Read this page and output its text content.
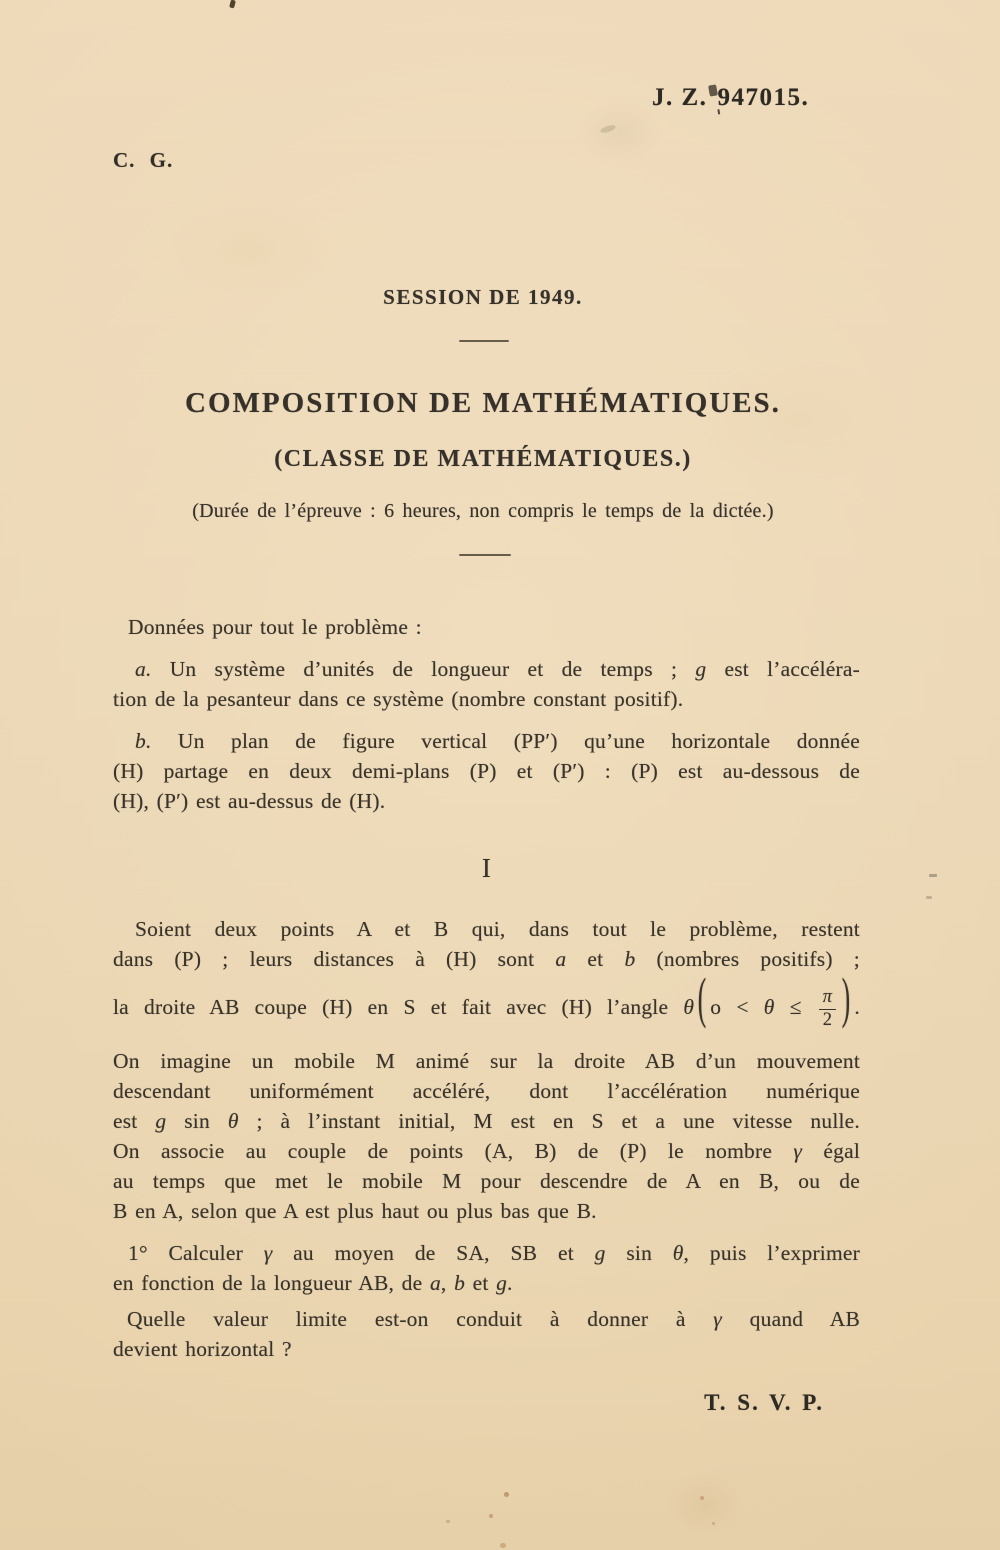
J. Z. 947015.
C. G.
SESSION DE 1949.
COMPOSITION DE MATHÉMATIQUES.
(CLASSE DE MATHÉMATIQUES.)
(Durée de l’épreuve : 6 heures, non compris le temps de la dictée.)
Données pour tout le problème :
a. Un système d’unités de longueur et de temps ; g est l’accéléra-
tion de la pesanteur dans ce système (nombre constant positif).
b. Un plan de figure vertical (PP′) qu’une horizontale donnée
(H) partage en deux demi-plans (P) et (P′) : (P) est au-dessous de
(H), (P′) est au-dessus de (H).
I
Soient deux points A et B qui, dans tout le problème, restent
dans (P) ; leurs distances à (H) sont a et b (nombres positifs) ;
la droite AB coupe (H) en S et fait avec (H) l’angle θ ( $o < \theta \le \frac{\pi}{2}$ ) .
On imagine un mobile M animé sur la droite AB d’un mouvement
descendant uniformément accéléré, dont l’accélération numérique
est g sin θ ; à l’instant initial, M est en S et a une vitesse nulle.
On associe au couple de points (A, B) de (P) le nombre γ égal
au temps que met le mobile M pour descendre de A en B, ou de
B en A, selon que A est plus haut ou plus bas que B.
1° Calculer γ au moyen de SA, SB et g sin θ, puis l’exprimer
en fonction de la longueur AB, de a, b et g.
Quelle valeur limite est-on conduit à donner à γ quand AB
devient horizontal ?
T. S. V. P.
